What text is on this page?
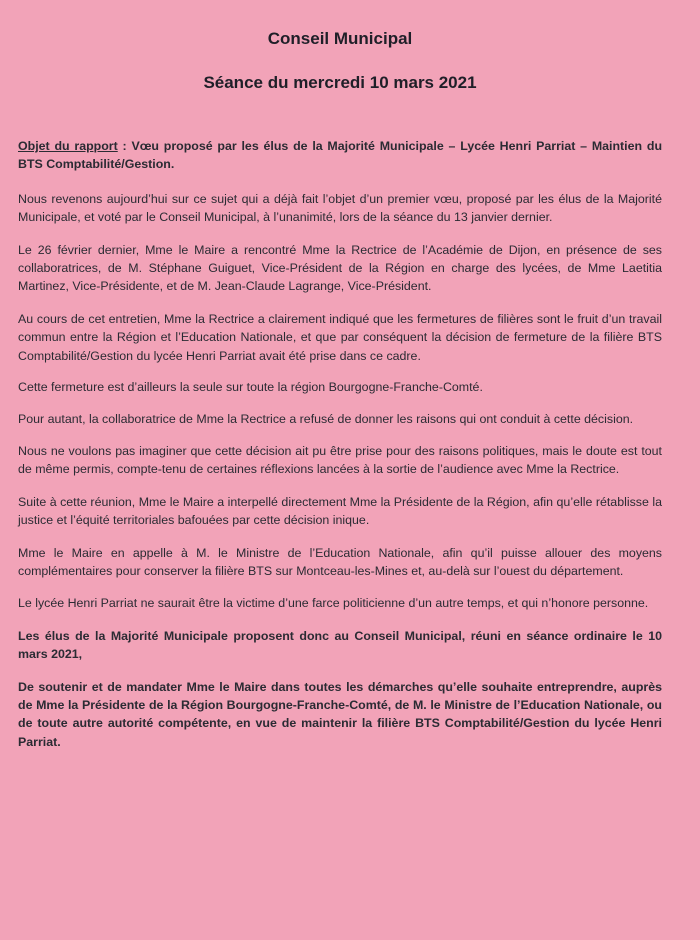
Conseil Municipal
Séance du mercredi 10 mars 2021

Objet du rapport : Vœu proposé par les élus de la Majorité Municipale – Lycée Henri Parriat – Maintien du BTS Comptabilité/Gestion.

Nous revenons aujourd’hui sur ce sujet qui a déjà fait l’objet d’un premier vœu, proposé par les élus de la Majorité Municipale, et voté par le Conseil Municipal, à l’unanimité, lors de la séance du 13 janvier dernier.

Le 26 février dernier, Mme le Maire a rencontré Mme la Rectrice de l’Académie de Dijon, en présence de ses collaboratrices, de M. Stéphane Guiguet, Vice-Président de la Région en charge des lycées, de Mme Laetitia Martinez, Vice-Présidente, et de M. Jean-Claude Lagrange, Vice-Président.

Au cours de cet entretien, Mme la Rectrice a clairement indiqué que les fermetures de filières sont le fruit d’un travail commun entre la Région et l’Education Nationale, et que par conséquent la décision de fermeture de la filière BTS Comptabilité/Gestion du lycée Henri Parriat avait été prise dans ce cadre.

Cette fermeture est d’ailleurs la seule sur toute la région Bourgogne-Franche-Comté.

Pour autant, la collaboratrice de Mme la Rectrice a refusé de donner les raisons qui ont conduit à cette décision.

Nous ne voulons pas imaginer que cette décision ait pu être prise pour des raisons politiques, mais le doute est tout de même permis, compte-tenu de certaines réflexions lancées à la sortie de l’audience avec Mme la Rectrice.

Suite à cette réunion, Mme le Maire a interpellé directement Mme la Présidente de la Région, afin qu’elle rétablisse la justice et l’équité territoriales bafouées par cette décision inique.

Mme le Maire en appelle à M. le Ministre de l’Education Nationale, afin qu’il puisse allouer des moyens complémentaires pour conserver la filière BTS sur Montceau-les-Mines et, au-delà sur l’ouest du département.

Le lycée Henri Parriat ne saurait être la victime d’une farce politicienne d’un autre temps, et qui n’honore personne.

Les élus de la Majorité Municipale proposent donc au Conseil Municipal, réuni en séance ordinaire le 10 mars 2021,

De soutenir et de mandater Mme le Maire dans toutes les démarches qu’elle souhaite entreprendre, auprès de Mme la Présidente de la Région Bourgogne-Franche-Comté, de M. le Ministre de l’Education Nationale, ou de toute autre autorité compétente, en vue de maintenir la filière BTS Comptabilité/Gestion du lycée Henri Parriat.
